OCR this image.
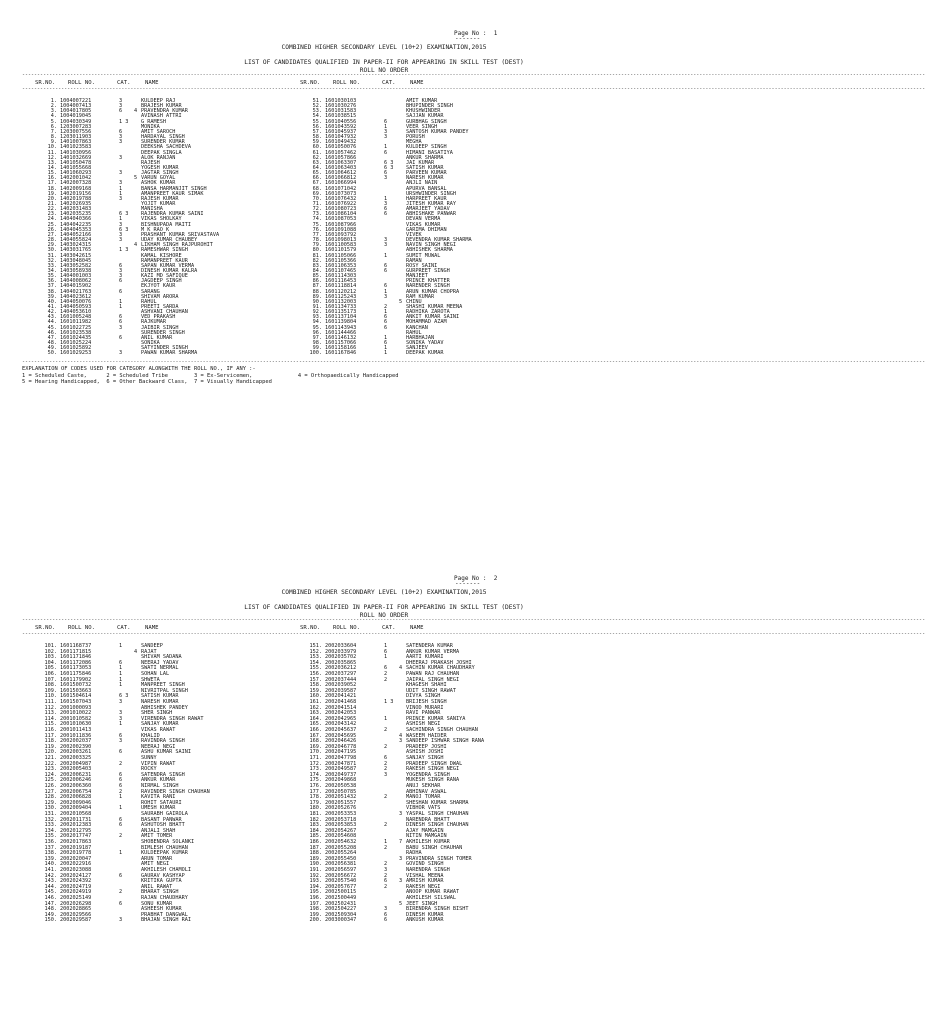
Page No :  1
-------
COMBINED HIGHER SECONDARY LEVEL (10+2) EXAMINATION,2015
LIST OF CANDIDATES QUALIFIED IN PAPER-II FOR APPEARING IN SKILL TEST (DEST)
ROLL NO ORDER
------------------------------------------------------------------------------------------------------------------------------------------------------------------------------------------------------------------------------------------------------------------------------------------------------------
SR.NO. ROLL NO.	CAT.	NAME	SR.NO. ROLL NO.	CAT.	NAME
------------------------------------------------------------------------------------------------------------------------------------------------------------------------------------------------------------------------------------------------------------------------------------------------------------
1. 1004007221	3	KULDEEP RAJ
2. 1004007413	3	BRAJESH KUMAR
3. 1004017805	6 4 PRAVENDRA KUMAR
4. 1004019045	AVINASH ATTRI
5. 1004030349	1 3 G RAMESH
6. 1203007283	MONIKA
7. 1203007556	6	AMIT SAROCH
8. 1203011903	3	HARDAYAL SINGH
9. 1401007863	3	SURENDER KUMAR
10. 1401023583	DEEKSHA SACHDEVA
11. 1401030956	DEEPAK SINGLA
12. 1401032669	3	ALOK RANJAN
13. 1401050478	RAJESH
14. 1401055668	YOGESH KUMAR
15. 1401060293	3	JAGTAR SINGH
16. 1402001042	5 VARUN GOYAL
17. 1402007328	3	ASHOK KUMAR
18. 1402009168	1	BANSA HARMANJIT SINGH
19. 1402019156	1	AMANPREET KAUR SIMAK
20. 1402019788	3	RAJESH KUMAR
21. 1402026935	YOJIT KUMAR
22. 1402031483	MANISHA
23. 1402035235	6 3 RAJENDRA KUMAR SAINI
24. 1404040366	1	VIKAS SHOLKAY
25. 1404042235	3	BISHNUPADA MAITI
26. 1404045353	6 3 M K RAO K
27. 1404052166	3	PRASHANT KUMAR SRIVASTAVA
28. 1404055824	3	UDAY KUMAR CHAUBEY
29. 1403024315	4 LIKHAM SINGH RAJPUROHIT
30. 1403031765	1 3 RAMESHWAR SINGH
31. 1403042615	KAMAL KISHORE
32. 1403048045	RAMANPREET KAUR
33. 1403052582	6	SAPAN KUMAR VERMA
34. 1403058938	3	DINESH KUMAR KALRA
35. 1404001003	3	KAZI MD SAFIQUE
36. 1404008062	6	JAGDEEP SINGH
37. 1404015902	EKJYOT KAUR
38. 1404021763	6	SARANG
39. 1404023612	SHIVAM ARORA
40. 1404050076	1	RAHUL
41. 1404050593	1	PREETI SARDA
42. 1404053610	ASHVANI CHAUHAN
43. 1601005248	6	VED PRAKASH
44. 1601011982	6	RAJKUMAR
45. 1601022725	3	JAIBIR SINGH
46. 1601023538	SURENDER SINGH
47. 1601024435	6	ANIL KUMAR
48. 1601025224	SONIKA
49. 1601025892	SATYINDER SINGH
50. 1601029253	3	PAWAN KUMAR SHARMA
51. 1601030103	AMIT KUMAR
52. 1601030276	BHUPINDER SINGH
53. 1601031583	KHUSHWINDER
54. 1601038515	SAJJAN KUMAR
55. 1601040556	6	GURBHAG SINGH
56. 1601043592	1	VEER SINGH
57. 1601045937	3	SANTOSH KUMAR PANDEY
58. 1601047932	3	PORUSH
59. 1601049432	MEGHA
60. 1601050076	1	KULDEEP SINGH
61. 1601057462	6	HIMANI BASATIYA
62. 1601057866	ANKUR SHARMA
63. 1601063307	6 3 JAI KUMAR
64. 1601063403	6 3 SATISH KUMAR
65. 1601064612	6	PARVEEN KUMAR
66. 1601066812	3	NARESH KUMAR
67. 1601066994	ANJLI NAIN
68. 1601071042	APURVA BANSAL
69. 1601073073	URSHWINDER SINGH
70. 1601076432	1	HARPREET KAUR
71. 1601076922	3	JITESH KUMAR RAY
72. 1601080723	6	AMARJEET YADAV
73. 1601086104	6	ABHISHAKE PANWAR
74. 1601087053	DEVAN VERMA
75. 1601087966	VIKAS KUMAR
76. 1601091088	GARIMA DHIMAN
77. 1601093792	VIVEK
78. 1601098013	3	DEVENDRA KUMAR SHARMA
79. 1601100583	3	NAVIN SINGH NEGI
80. 1601101579	ABHISHEK SHARMA
81. 1601105066	1	SUMIT MUWAL
82. 1601105366	RAMAN
83. 1601106353	6	ROSY SAINI
84. 1601107465	6	GURPREET SINGH
85. 1601114303	MANJEET
86. 1601116453	PRINCE KHATTER
87. 1601118814	6	NARENDER SINGH
88. 1601120212	1	ARUN KUMAR CHOPRA
89. 1601125243	3	RAM KUMAR
90. 1601132003	5 CHINU
91. 1601134733	2	SHASHI KUMAR MEENA
92. 1601135173	1	RADHIKA ZAROTA
93. 1601137104	6	ANKIT KUMAR SAINI
94. 1601139804	6	MOHAMMAD AZAM
95. 1601143943	6	KANCHAN
96. 1601144466	RAHUL
97. 1601146132	1	HARBHAJAN
98. 1601157066	6	SONIKA YADAV
99. 1601158166	1	SANJEEV
100. 1601167846	1	DEEPAK KUMAR
------------------------------------------------------------------------------------------------------------------------------------------------------------------------------------------------------------------------------------------------------------------------------------------------------------
EXPLANATION OF CODES USED FOR CATEGORY ALONGWITH THE ROLL NO., IF ANY :-
1 = Scheduled Caste,      2 = Scheduled Tribe        3 = Ex-Servicemen,              4 = Orthopaedically Handicapped
5 = Hearing Handicapped,  6 = Other Backward Class,  7 = Visually Handicapped
Page No :  2
-------
COMBINED HIGHER SECONDARY LEVEL (10+2) EXAMINATION,2015
LIST OF CANDIDATES QUALIFIED IN PAPER-II FOR APPEARING IN SKILL TEST (DEST)
ROLL NO ORDER
------------------------------------------------------------------------------------------------------------------------------------------------------------------------------------------------------------------------------------------------------------------------------------------------------------
SR.NO. ROLL NO.	CAT.	NAME	SR.NO. ROLL NO.	CAT.	NAME
------------------------------------------------------------------------------------------------------------------------------------------------------------------------------------------------------------------------------------------------------------------------------------------------------------
101. 1601168737	1	SANDEEP
102. 1601171815	4 RAJAT
103. 1601171846	SHIVAM SADANA
104. 1601172086	6	NEERAJ YADAV
105. 1601173053	1	SWATI NERMAL
106. 1601175846	1	SOHAN LAL
107. 1601179902	1	SHWETA
108. 1601500732	1	MANPREET SINGH
109. 1601503663	NIVRITPAL SINGH
110. 1601504614	6 3 SATISH KUMAR
111. 1601507043	3	NARESH KUMAR
112. 2001000093	ABHISHEK PANDEY
113. 2001010022	3	SHER SINGH
114. 2001010582	3	VIRENDRA SINGH RAWAT
115. 2001010630	1	SANJAY KUMAR
116. 2001011413	VIKAS RAWAT
117. 2001011836	6	KHALID
118. 2002002037	3	RAVINDRA SINGH
119. 2002002390	NEERAJ NEGI
120. 2002003261	6	ASHU KUMAR SAINI
121. 2002003325	SUNNY
122. 2002004987	2	VIPIN RAWAT
123. 2002005403	ROCKY
124. 2002006231	6	SATENDRA SINGH
125. 2002006246	6	ANKUR KUMAR
126. 2002006360	6	NIRMAL SINGH
127. 2002006754	2	RAVINDER SINGH CHAUHAN
128. 2002006828	1	KAVITA RANI
129. 2002009046	ROHIT SATAURI
130. 2002009404	1	UMESH KUMAR
131. 2002010568	SAURABH GAIROLA
132. 2002011731	6	BASANT PANWAR
133. 2002012383	6	ASHUTOSH BHATT
134. 2002012795	ANJALI SHAH
135. 2002017747	2	AMIT TOMER
136. 2002017863	SHOBENDRA SOLANKI
137. 2002019187	BIMLESH CHAUHAN
138. 2002019778	1	KULDEEPAK KUMAR
139. 2002020047	ARUN TOMAR
140. 2002022916	AMIT NEGI
141. 2002023088	AKHILESH CHAMOLI
142. 2002024127	6	GAURAV KASHYAP
143. 2002024392	KRITIKA GUPTA
144. 2002024719	ANIL RAWAT
145. 2002024919	2	BHARAT SINGH
146. 2002025149	RAJAN CHAUDHARY
147. 2002026298	6	SONU KUMAR
148. 2002028865	ASHEESH KUMAR
149. 2002029566	PRABHAT DANGWAL
150. 2002029587	3	BHAJAN SINGH RAI
151. 2002033604	1	SATENDERA KUMAR
152. 2002033979	6	ANKUR KUMAR VERMA
153. 2002035702	1	AARTI KUMARI
154. 2002035865	DHEERAJ PRAKASH JOSHI
155. 2002036212	6 4 SACHIN KUMAR CHAUDHARY
156. 2002037297	2	PAWAN RAJ CHAUHAN
157. 2002037444	2	JAIPAL SINGH NEGI
158. 2002039052	KHAGESH SHAHI
159. 2002039587	UDIT SINGH RAWAT
160. 2002041421	DIVYA SINGH
161. 2002041468	1 3 BRIJESH SINGH
162. 2002041514	VINOD MURARI
163. 2002042053	RAVI PANWAR
164. 2002042965	1	PRINCE KUMAR SANIYA
165. 2002043142	ASHISH NEGI
166. 2002045637	2	SACHINDRA SINGH CHAUHAN
167. 2002045695	4 WASEEM HAIDER
168. 2002046426	3 SANDEEP ISHWAR SINGH RANA
169. 2002046778	2	PRADEEP JOSHI
170. 2002047195	ASHISH JOSHI
171. 2002047798	6	SANJAY SINGH
172. 2002047871	2	PRADEEP SINGH DWAL
173. 2002049587	2	RAKESH SINGH NEGI
174. 2002049737	3	YOGENDRA SINGH
175. 2002049868	MUKESH SINGH RANA
176. 2002050538	ANUJ SEKHAR
177. 2002050785	ABHINAV ASWAL
178. 2002051432	2	MANOJ TOMAR
179. 2002051557	SHESHAN KUMAR SHARMA
180. 2002052676	VIBHOR VATS
181. 2002053353	3 YASPAL SINGH CHAUHAN
182. 2002053718	NARENDRA BHATT
183. 2002053853	2	DINESH SINGH CHAUHAN
184. 2002054267	AJAY MAMGAIN
185. 2002054608	NITIN MAMGAIN
186. 2002054632	1 7 AKHILESH KUMAR
187. 2002055208	2	BABU SINGH CHAUHAN
188. 2002055264	RADHA
189. 2002055450	3 PRAVINDRA SINGH TOMER
190. 2002056381	2	GOVIND SINGH
191. 2002056597	3	NARENDRA SINGH
192. 2002056672	2	VISHAL MEENA
193. 2002057540	6 3 AMRISH KUMAR
194. 2002057677	2	RAKESH NEGI
195. 2002500115	ANOOP KUMAR RAWAT
196. 2002500449	AKHILESH SILSWAL
197. 2002502431	5 JEET SINGH
198. 2002504227	3	BIRENDRA SINGH BISHT
199. 2002509304	6	DINESH KUMAR
200. 2003000347	6	ANKUSH KUMAR
